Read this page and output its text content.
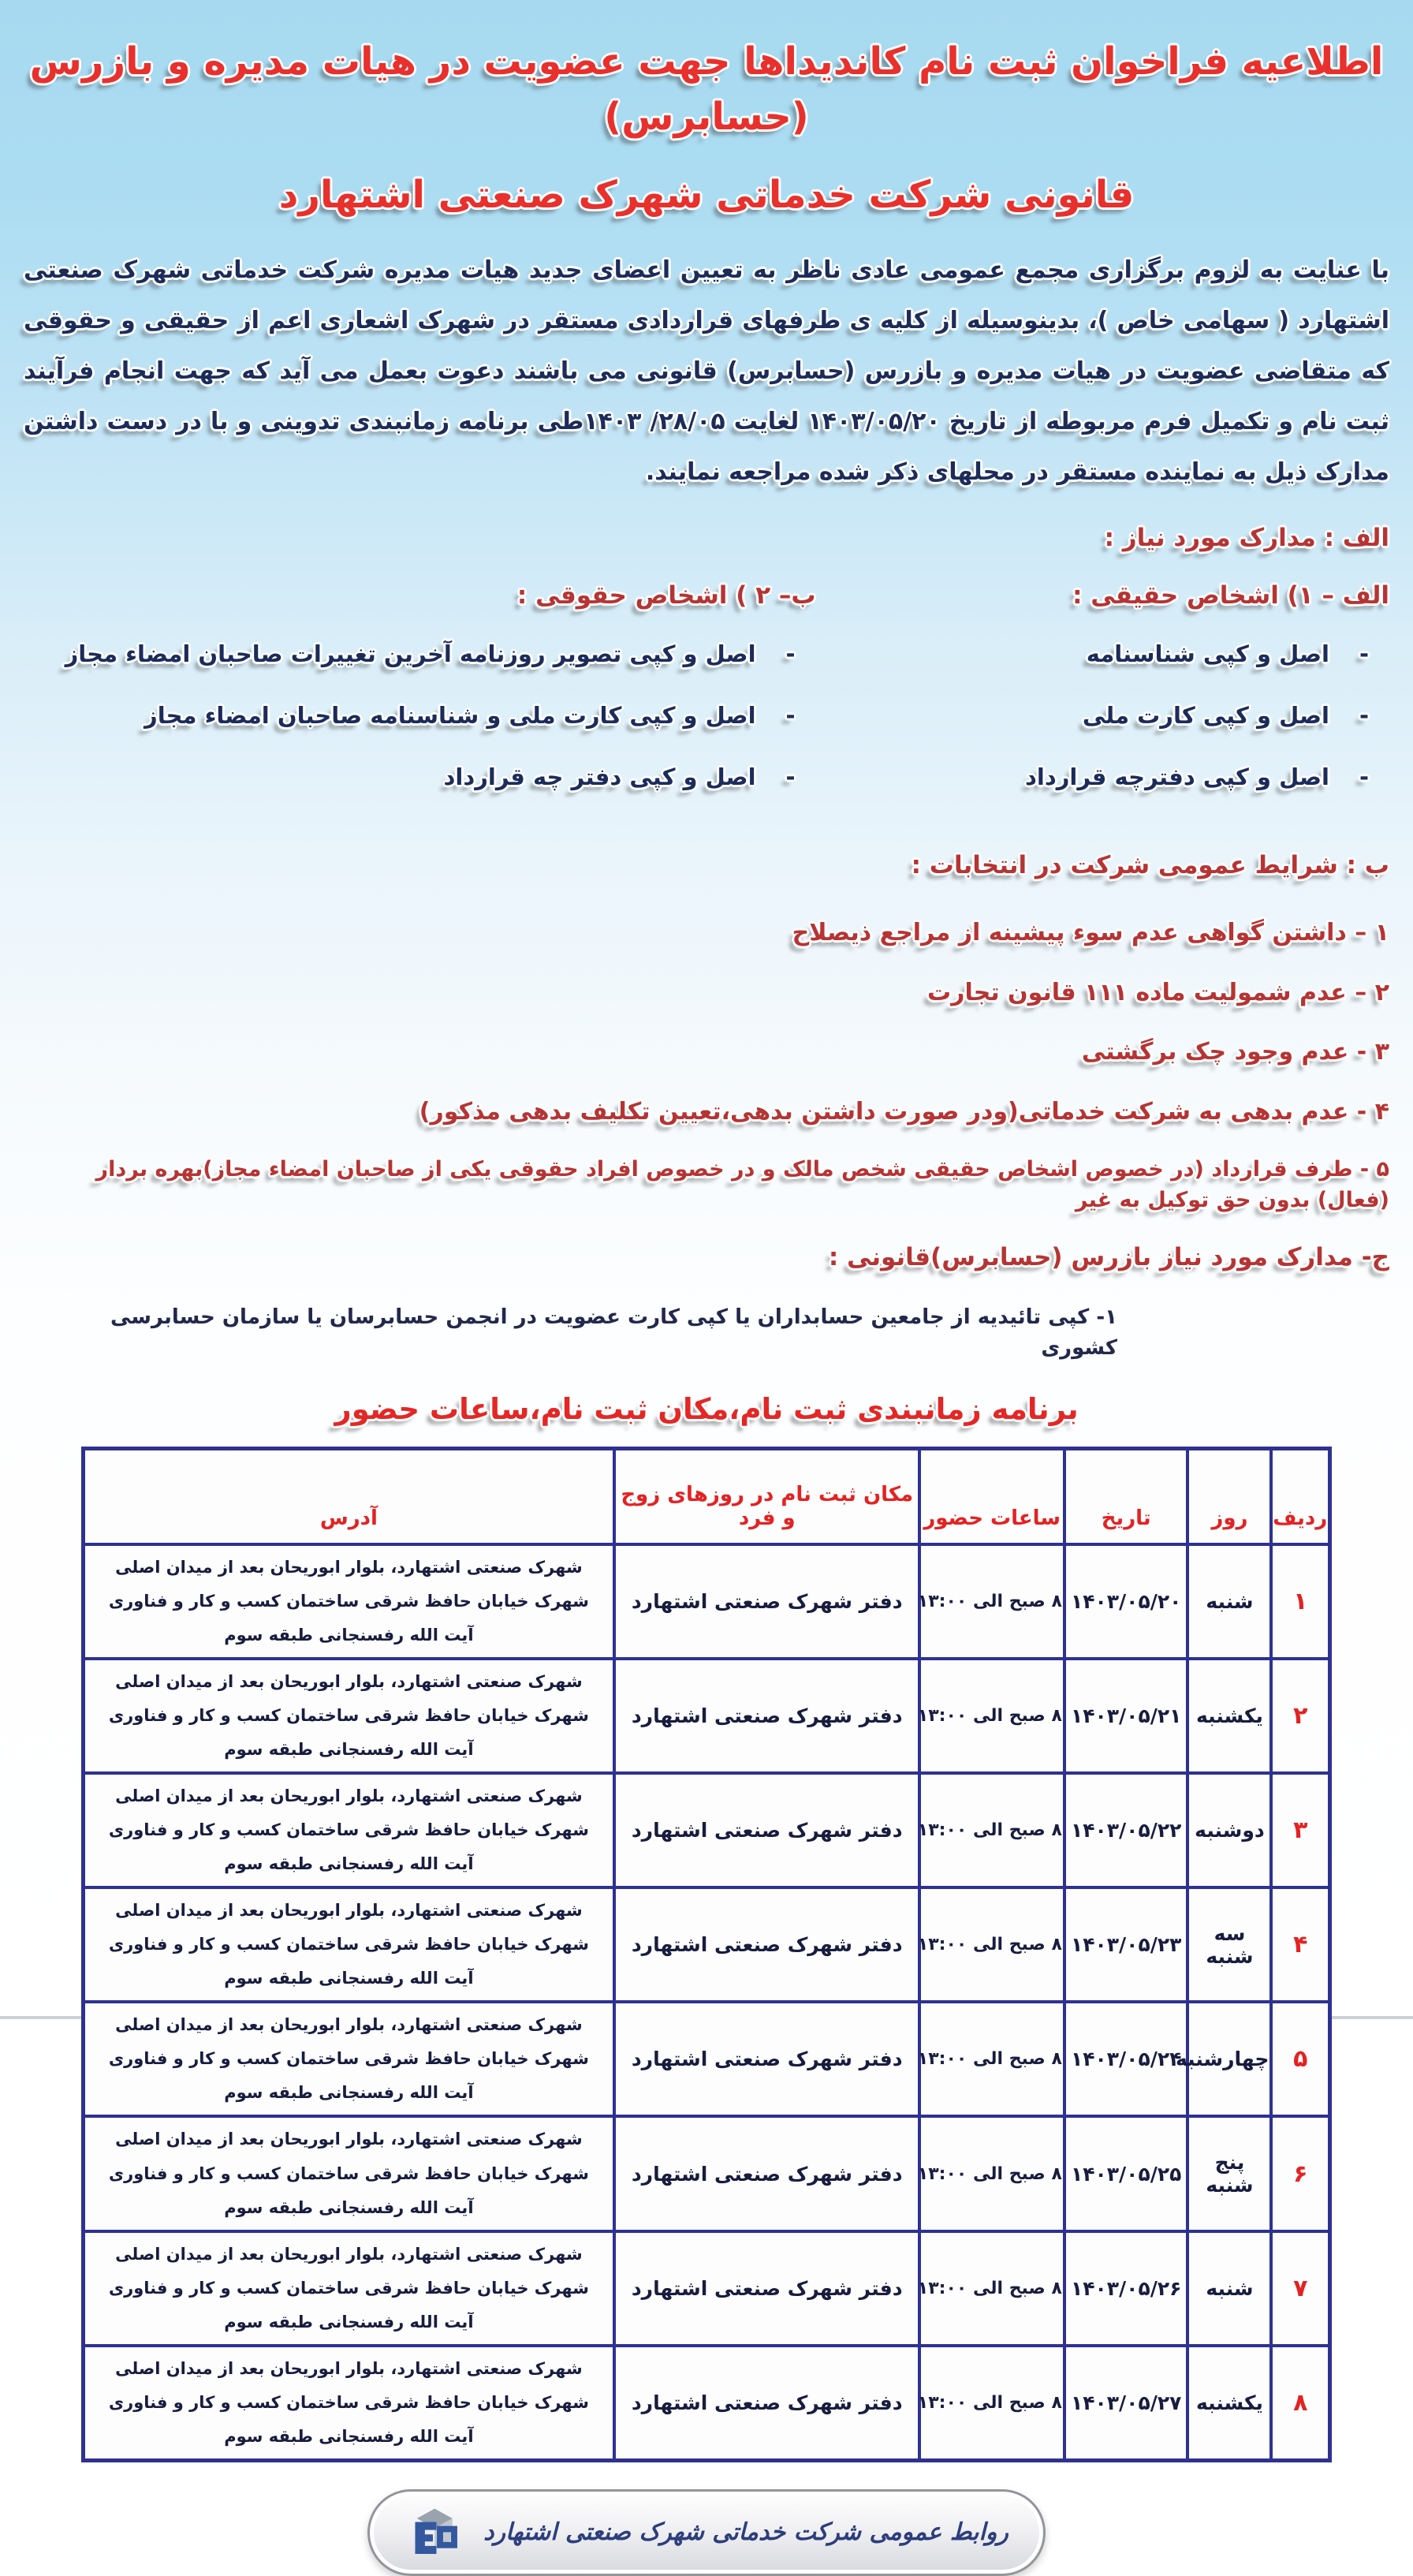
اطلاعیه فراخوان ثبت نام کاندیداها جهت عضویت در هیات مدیره و بازرس (حسابرس)
قانونی شرکت خدماتی شهرک صنعتی اشتهارد

با عنایت به لزوم برگزاری مجمع عمومی عادی ناظر به تعیین اعضای جدید هیات مدیره شرکت خدماتی شهرک صنعتی اشتهارد ( سهامی خاص )، بدینوسیله از کلیه ی طرفهای قراردادی مستقر در شهرک اشعاری اعم از حقیقی و حقوقی که متقاضی عضویت در هیات مدیره و بازرس (حسابرس) قانونی می باشند دعوت بعمل می آید که جهت انجام فرآیند ثبت نام و تکمیل فرم مربوطه از تاریخ ۱۴۰۳/۰۵/۲۰ لغایت ۲۸/۰۵/ ۱۴۰۳طی برنامه زمانبندی تدوینی و با در دست داشتن مدارک ذیل به نماینده مستقر در محلهای ذکر شده مراجعه نمایند.

الف : مدارک مورد نیاز :
الف – ۱) اشخاص حقیقی :
-
اصل و کپی شناسنامه
-
اصل و کپی کارت ملی
-
اصل و کپی دفترچه قرارداد
ب– ۲ ) اشخاص حقوقی :
-
اصل و کپی تصویر روزنامه آخرین تغییرات صاحبان امضاء مجاز
-
اصل و کپی کارت ملی و شناسنامه صاحبان امضاء مجاز
-
اصل و کپی دفتر چه قرارداد
ب : شرایط عمومی شرکت در انتخابات :
۱ – داشتن گواهی عدم سوء پیشینه از مراجع ذیصلاح
۲ – عدم شمولیت ماده ۱۱۱ قانون تجارت
۳ - عدم وجود چک برگشتی
۴ - عدم بدهی به شرکت خدماتی(ودر صورت داشتن بدهی،تعیین تکلیف بدهی مذکور)
۵ - طرف قرارداد (در خصوص اشخاص حقیقی شخص مالک و در خصوص افراد حقوقی یکی از صاحبان امضاء مجاز)بهره بردار (فعال) بدون حق توکیل به غیر
ج- مدارک مورد نیاز بازرس (حسابرس)قانونی :
۱- کپی تائیدیه از جامعین حسابداران یا کپی کارت عضویت در انجمن حسابرسان یا سازمان حسابرسی کشوری
برنامه زمانبندی ثبت نام،مکان ثبت نام،ساعات حضور
ردیف	روز	تاریخ	ساعات حضور	مکان ثبت نام در روزهای زوج و فرد	آدرس
۱	شنبه	۱۴۰۳/۰۵/۲۰	۸ صبح الی ۱۳:۰۰	دفتر شهرک صنعتی اشتهارد	شهرک صنعتی اشتهارد، بلوار ابوریحان بعد از میدان اصلی شهرک خیابان حافظ شرقی ساختمان کسب و کار و فناوری آیت الله رفسنجانی طبقه سوم
۲	یکشنبه	۱۴۰۳/۰۵/۲۱	۸ صبح الی ۱۳:۰۰	دفتر شهرک صنعتی اشتهارد	شهرک صنعتی اشتهارد، بلوار ابوریحان بعد از میدان اصلی شهرک خیابان حافظ شرقی ساختمان کسب و کار و فناوری آیت الله رفسنجانی طبقه سوم
۳	دوشنبه	۱۴۰۳/۰۵/۲۲	۸ صبح الی ۱۳:۰۰	دفتر شهرک صنعتی اشتهارد	شهرک صنعتی اشتهارد، بلوار ابوریحان بعد از میدان اصلی شهرک خیابان حافظ شرقی ساختمان کسب و کار و فناوری آیت الله رفسنجانی طبقه سوم
۴	سه شنبه	۱۴۰۳/۰۵/۲۳	۸ صبح الی ۱۳:۰۰	دفتر شهرک صنعتی اشتهارد	شهرک صنعتی اشتهارد، بلوار ابوریحان بعد از میدان اصلی شهرک خیابان حافظ شرقی ساختمان کسب و کار و فناوری آیت الله رفسنجانی طبقه سوم
۵	چهارشنبه	۱۴۰۳/۰۵/۲۴	۸ صبح الی ۱۳:۰۰	دفتر شهرک صنعتی اشتهارد	شهرک صنعتی اشتهارد، بلوار ابوریحان بعد از میدان اصلی شهرک خیابان حافظ شرقی ساختمان کسب و کار و فناوری آیت الله رفسنجانی طبقه سوم
۶	پنج شنبه	۱۴۰۳/۰۵/۲۵	۸ صبح الی ۱۳:۰۰	دفتر شهرک صنعتی اشتهارد	شهرک صنعتی اشتهارد، بلوار ابوریحان بعد از میدان اصلی شهرک خیابان حافظ شرقی ساختمان کسب و کار و فناوری آیت الله رفسنجانی طبقه سوم
۷	شنبه	۱۴۰۳/۰۵/۲۶	۸ صبح الی ۱۳:۰۰	دفتر شهرک صنعتی اشتهارد	شهرک صنعتی اشتهارد، بلوار ابوریحان بعد از میدان اصلی شهرک خیابان حافظ شرقی ساختمان کسب و کار و فناوری آیت الله رفسنجانی طبقه سوم
۸	یکشنبه	۱۴۰۳/۰۵/۲۷	۸ صبح الی ۱۳:۰۰	دفتر شهرک صنعتی اشتهارد	شهرک صنعتی اشتهارد، بلوار ابوریحان بعد از میدان اصلی شهرک خیابان حافظ شرقی ساختمان کسب و کار و فناوری آیت الله رفسنجانی طبقه سوم
روابط عمومی شرکت خدماتی شهرک صنعتی اشتهارد
